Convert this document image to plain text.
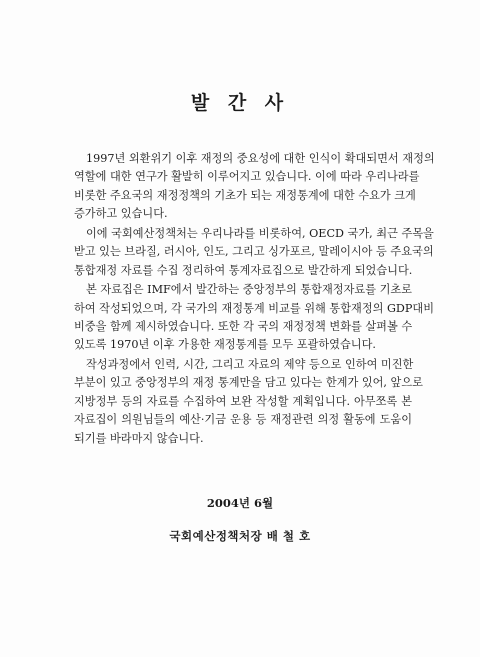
발 간 사

1997년 외환위기 이후 재정의 중요성에 대한 인식이 확대되면서 재정의
역할에 대한 연구가 활발히 이루어지고 있습니다. 이에 따라 우리나라를
비롯한 주요국의 재정정책의 기초가 되는 재정통계에 대한 수요가 크게
증가하고 있습니다.

이에 국회예산정책처는 우리나라를 비롯하여, OECD 국가, 최근 주목을
받고 있는 브라질, 러시아, 인도, 그리고 싱가포르, 말레이시아 등 주요국의
통합재정 자료를 수집 정리하여 통계자료집으로 발간하게 되었습니다.

본 자료집은 IMF에서 발간하는 중앙정부의 통합재정자료를 기초로
하여 작성되었으며, 각 국가의 재정통계 비교를 위해 통합재정의 GDP대비
비중을 함께 제시하였습니다. 또한 각 국의 재정정책 변화를 살펴볼 수
있도록 1970년 이후 가용한 재정통계를 모두 포괄하였습니다.

작성과정에서 인력, 시간, 그리고 자료의 제약 등으로 인하여 미진한
부분이 있고 중앙정부의 재정 통계만을 담고 있다는 한계가 있어, 앞으로
지방정부 등의 자료를 수집하여 보완 작성할 계획입니다. 아무쪼록 본
자료집이 의원님들의 예산·기금 운용 등 재정관련 의정 활동에 도움이
되기를 바라마지 않습니다.

2004년 6월
국회예산정책처장 배 철 호
